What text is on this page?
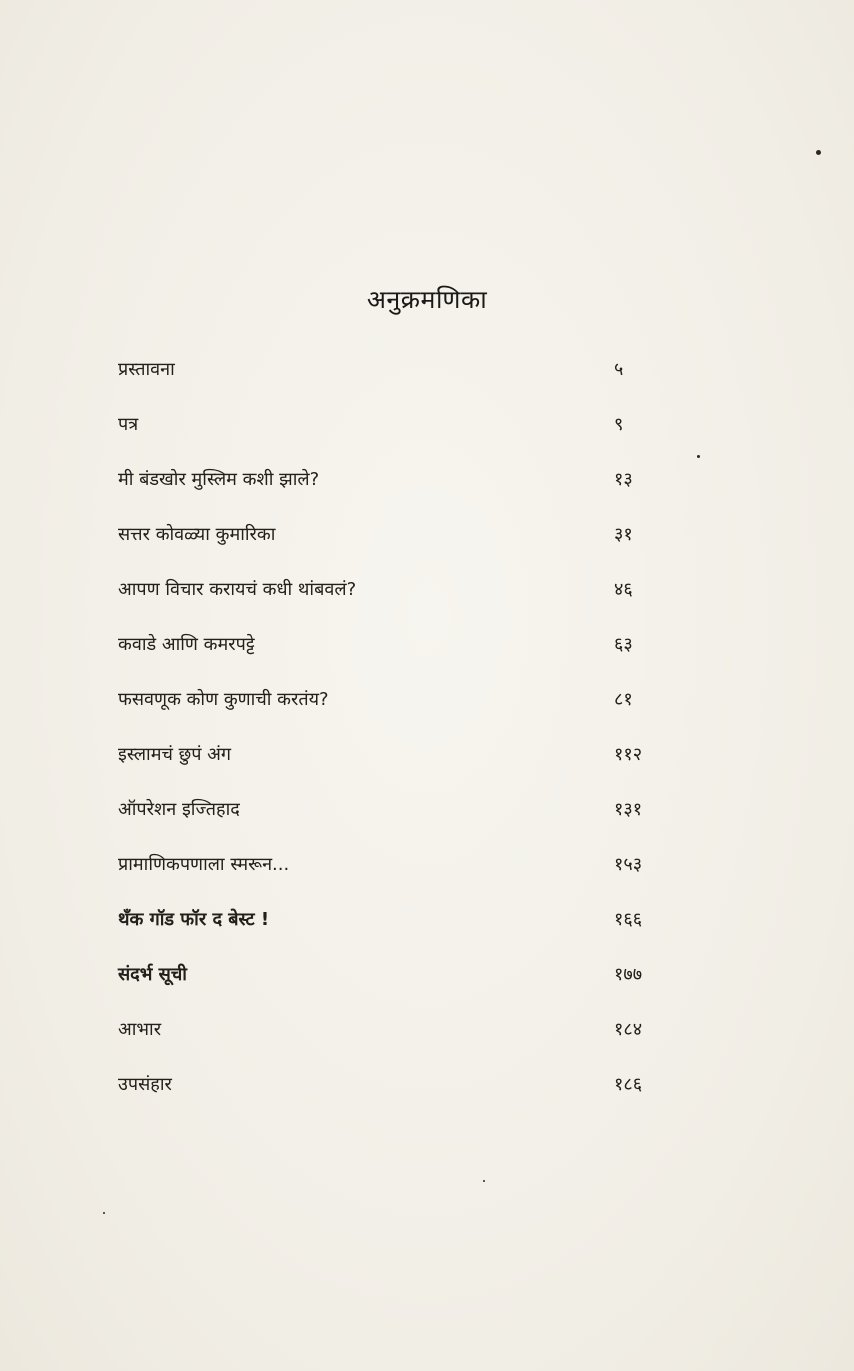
अनुक्रमणिका
प्रस्तावना	५
पत्र	९
मी बंडखोर मुस्लिम कशी झाले?	१३
सत्तर कोवळ्या कुमारिका	३१
आपण विचार करायचं कधी थांबवलं?	४६
कवाडे आणि कमरपट्टे	६३
फसवणूक कोण कुणाची करतंय?	८१
इस्लामचं छुपं अंग	११२
ऑपरेशन इज्तिहाद	१३१
प्रामाणिकपणाला स्मरून...	१५३
थँक गॉड फॉर द बेस्ट !	१६६
संदर्भ सूची	१७७
आभार	१८४
उपसंहार	१८६
